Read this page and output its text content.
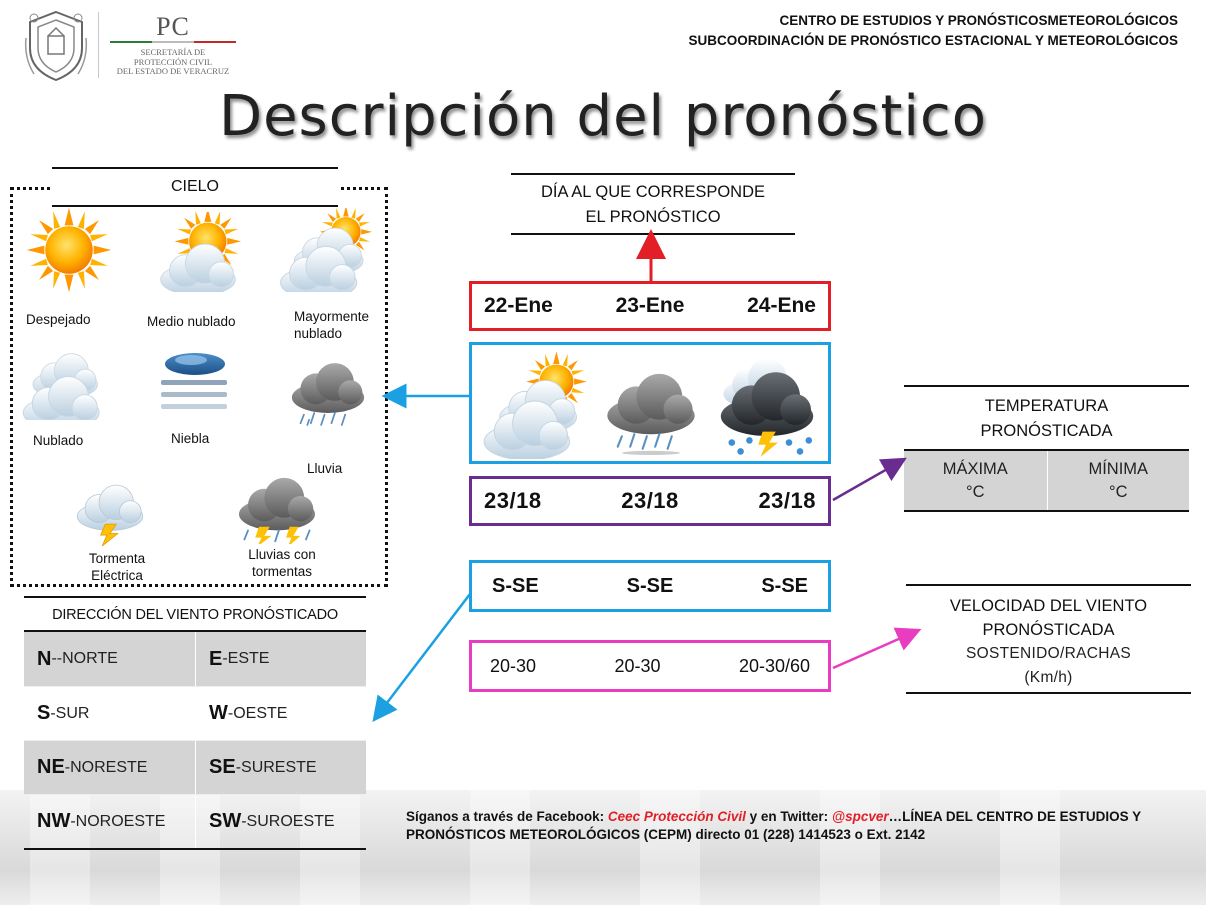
PC
SECRETARÍA DE
PROTECCIÓN CIVIL
DEL ESTADO DE VERACRUZ
CENTRO DE ESTUDIOS Y PRONÓSTICOSMETEOROLÓGICOS
SUBCOORDINACIÓN DE PRONÓSTICO ESTACIONAL Y METEOROLÓGICOS
Descripción del pronóstico
Despejado	Medio nublado	Mayormente nublado
Nublado	Niebla
Lluvia
Tormenta Eléctrica
Lluvias con tormentas
CIELO
DIRECCIÓN DEL VIENTO PRONÓSTICADO
N --NORTE	E -ESTE
S -SUR	W -OESTE
NE -NORESTE	SE -SURESTE
NW -NOROESTE SW -SUROESTE
DÍA AL QUE CORRESPONDE
EL PRONÓSTICO
22-Ene	23-Ene	24-Ene
23/18	23/18	23/18
S-SE	S-SE	S-SE
20-30	20-30	20-30/60
TEMPERATURA
PRONÓSTICADA
MÁXIMA
°C
MÍNIMA
°C
VELOCIDAD DEL VIENTO
PRONÓSTICADA
SOSTENIDO/RACHAS
(Km/h)
Síganos a través de Facebook: Ceec Protección Civil y en Twitter: @spcver…LÍNEA DEL CENTRO DE ESTUDIOS Y PRONÓSTICOS METEOROLÓGICOS (CEPM) directo 01 (228) 1414523 o Ext. 2142
